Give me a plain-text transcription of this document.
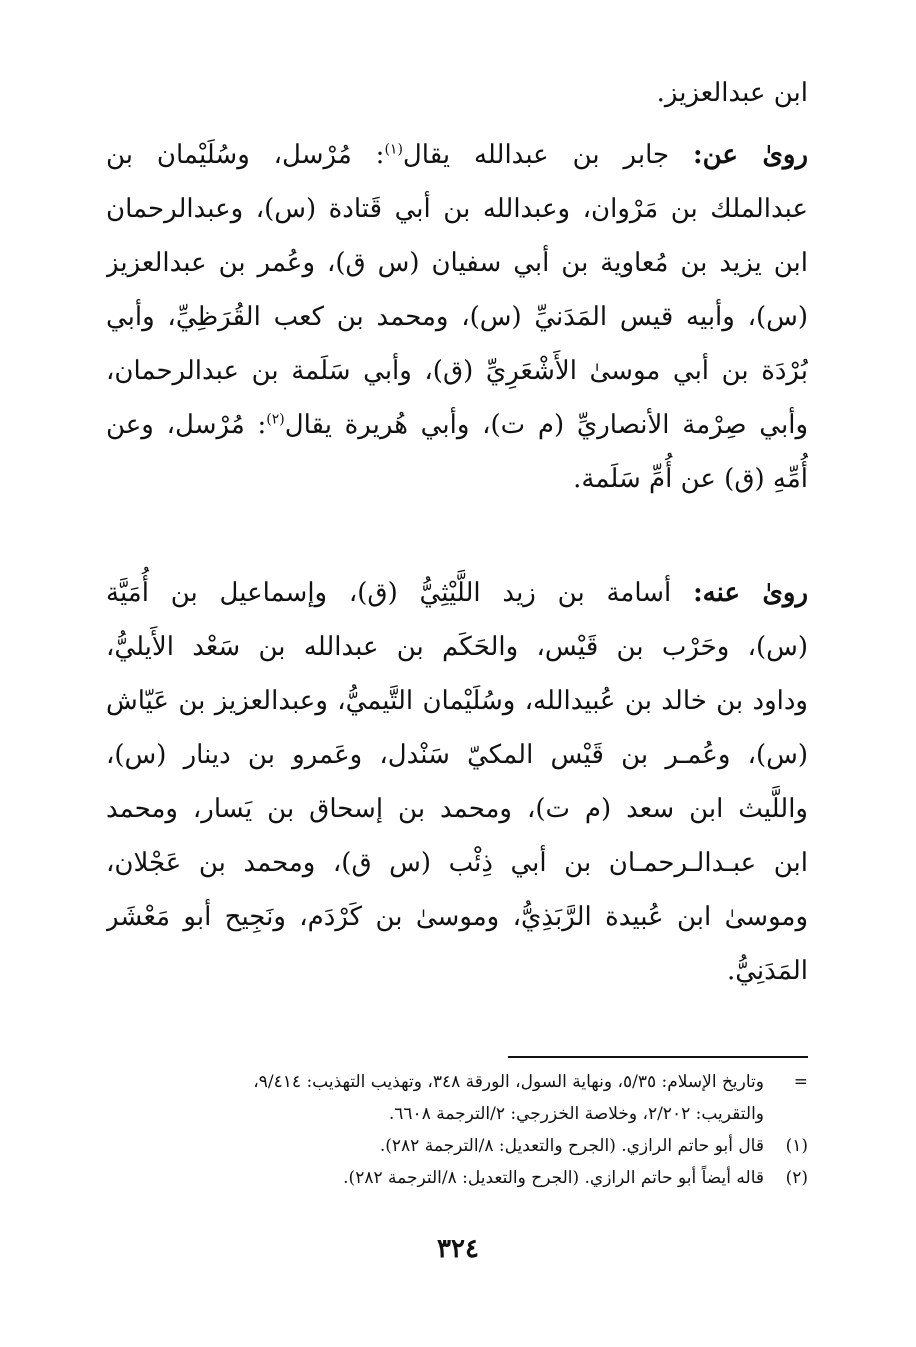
ابن عبدالعزيز.
روىٰ عن: جابر بن عبدالله يقال$^{(١)}$: مُرْسل، وسُلَيْمان بن
عبدالملك بن مَرْوان، وعبدالله بن أبي قَتادة (س)، وعبدالرحمان
ابن يزيد بن مُعاوية بن أبي سفيان (س ق)، وعُمر بن عبدالعزيز
(س)، وأبيه قيس المَدَنيِّ (س)، ومحمد بن كعب القُرَظِيِّ، وأبي
بُرْدَة بن أبي موسىٰ الأَشْعَرِيِّ (ق)، وأبي سَلَمة بن عبدالرحمان،
وأبي صِرْمة الأنصاريِّ (م ت)، وأبي هُريرة يقال$^{(٢)}$: مُرْسل، وعن
أُمِّهِ (ق) عن أُمِّ سَلَمة.
روىٰ عنه: أسامة بن زيد اللَّيْثِيُّ (ق)، وإسماعيل بن أُمَيَّة
(س)، وحَرْب بن قَيْس، والحَكَم بن عبدالله بن سَعْد الأَيليُّ،
وداود بن خالد بن عُبيدالله، وسُلَيْمان التَّيميُّ، وعبدالعزيز بن عَيّاش
(س)، وعُمـر بن قَيْس المكيّ سَنْدل، وعَمرو بن دينار (س)،
واللَّيث ابن سعد (م ت)، ومحمد بن إسحاق بن يَسار، ومحمد
ابن عبـدالـرحمـان بن أبي ذِئْب (س ق)، ومحمد بن عَجْلان،
وموسىٰ ابن عُبيدة الرَّبَذِيُّ، وموسىٰ بن كَرْدَم، ونَجِيح أبو مَعْشَر
المَدَنِيُّ.
=
وتاريخ الإسلام: ٥/٣٥، ونهاية السول، الورقة ٣٤٨، وتهذيب التهذيب: ٩/٤١٤،
والتقريب: ٢/٢٠٢، وخلاصة الخزرجي: ٢/الترجمة ٦٦٠٨.
(١)
قال أبو حاتم الرازي. (الجرح والتعديل: ٨/الترجمة ٢٨٢).
(٢)
قاله أيضاً أبو حاتم الرازي. (الجرح والتعديل: ٨/الترجمة ٢٨٢).
٣٢٤
